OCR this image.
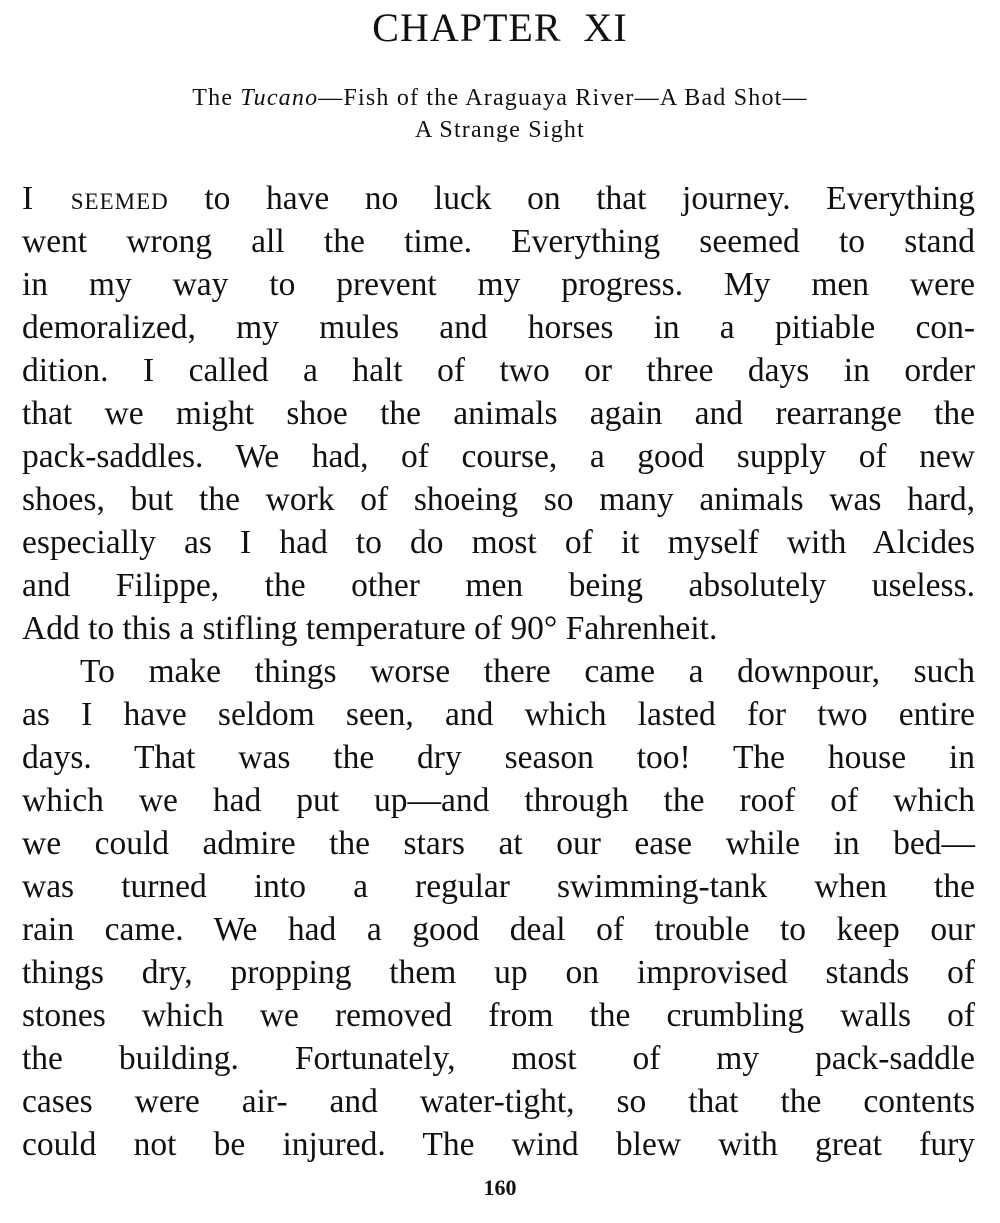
CHAPTER XI
The Tucano—Fish of the Araguaya River—A Bad Shot—
A Strange Sight
I seemed to have no luck on that journey. Everything
went wrong all the time. Everything seemed to stand
in my way to prevent my progress. My men were
demoralized, my mules and horses in a pitiable con-
dition. I called a halt of two or three days in order
that we might shoe the animals again and rearrange the
pack-saddles. We had, of course, a good supply of new
shoes, but the work of shoeing so many animals was hard,
especially as I had to do most of it myself with Alcides
and Filippe, the other men being absolutely useless.
Add to this a stifling temperature of 90° Fahrenheit.
To make things worse there came a downpour, such
as I have seldom seen, and which lasted for two entire
days. That was the dry season too! The house in
which we had put up—and through the roof of which
we could admire the stars at our ease while in bed—
was turned into a regular swimming-tank when the
rain came. We had a good deal of trouble to keep our
things dry, propping them up on improvised stands of
stones which we removed from the crumbling walls of
the building. Fortunately, most of my pack-saddle
cases were air- and water-tight, so that the contents
could not be injured. The wind blew with great fury
160
